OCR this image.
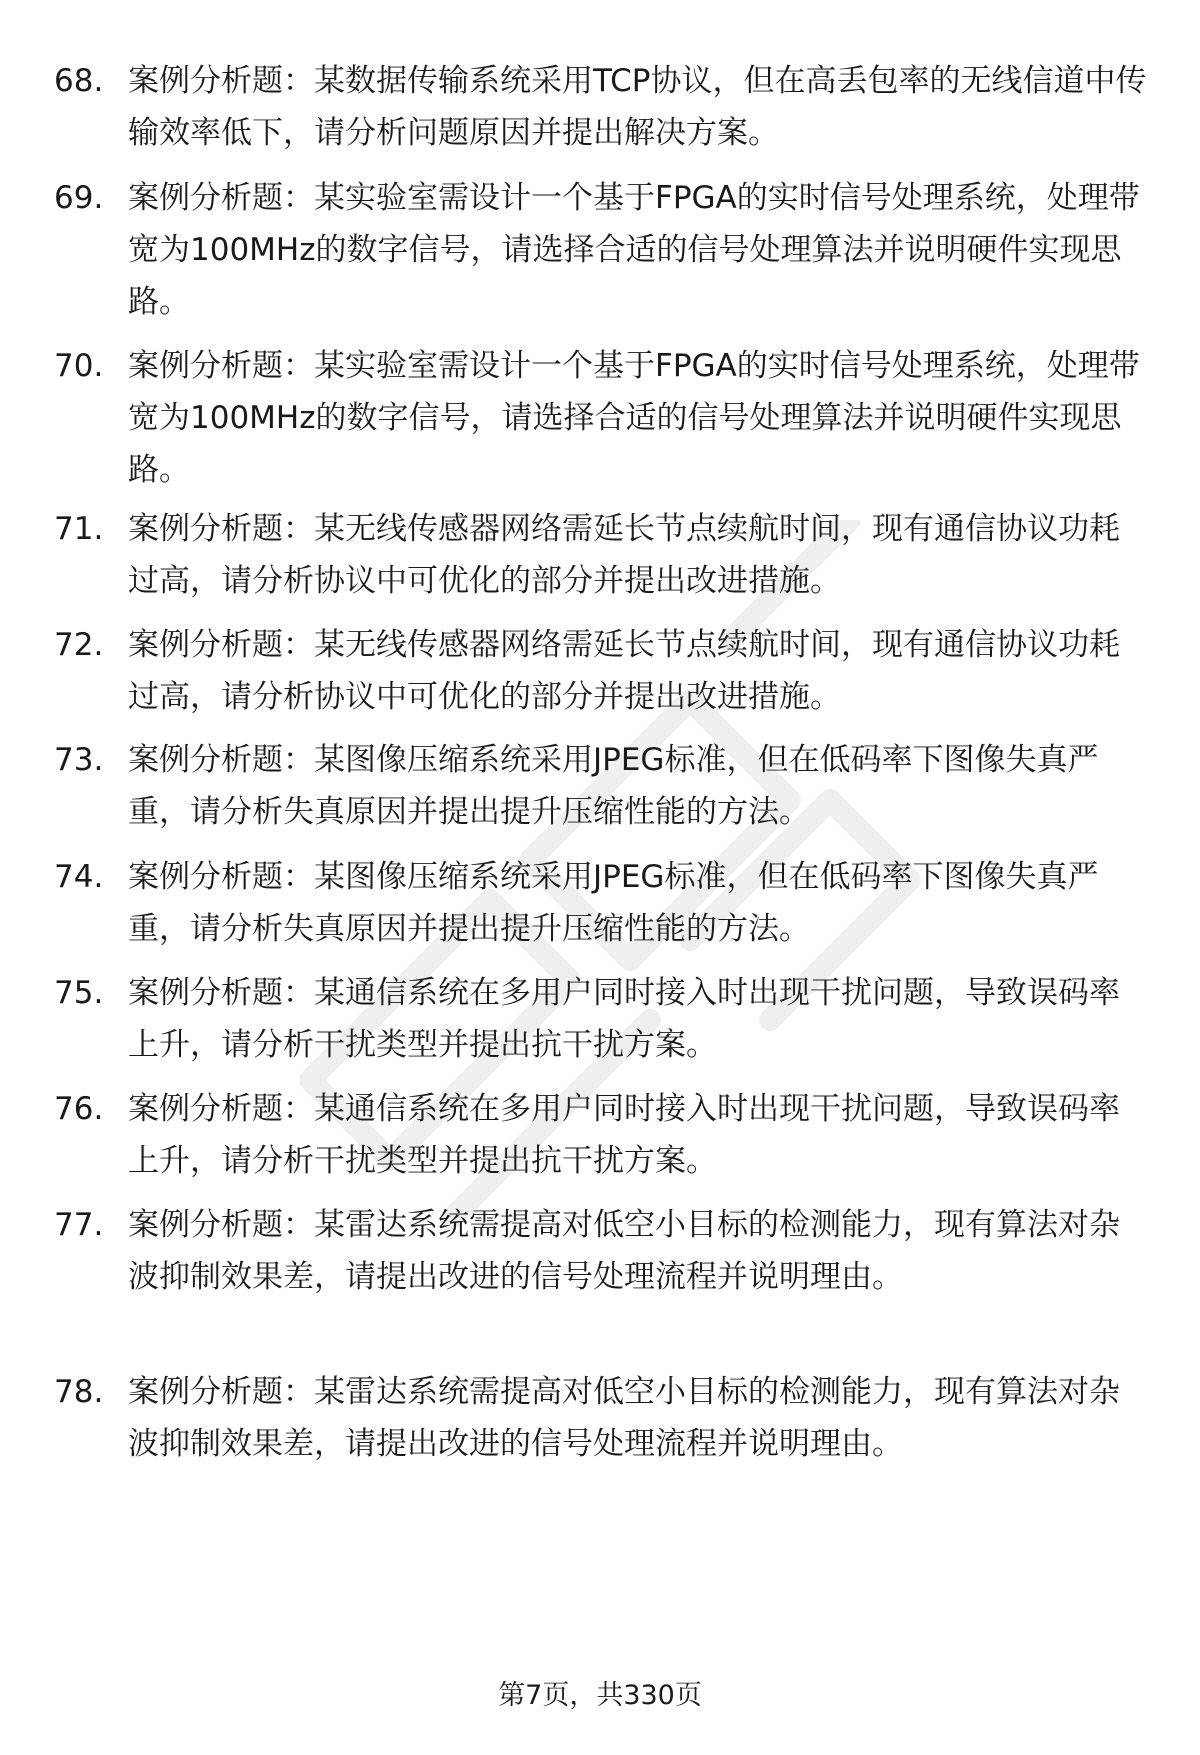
68. 案例分析题：某数据传输系统采用TCP协议，但在高丢包率的无线信道中传输效率低下，请分析问题原因并提出解决方案。
69. 案例分析题：某实验室需设计一个基于FPGA的实时信号处理系统，处理带宽为100MHz的数字信号，请选择合适的信号处理算法并说明硬件实现思路。
70. 案例分析题：某实验室需设计一个基于FPGA的实时信号处理系统，处理带宽为100MHz的数字信号，请选择合适的信号处理算法并说明硬件实现思路。
71. 案例分析题：某无线传感器网络需延长节点续航时间，现有通信协议功耗过高，请分析协议中可优化的部分并提出改进措施。
72. 案例分析题：某无线传感器网络需延长节点续航时间，现有通信协议功耗过高，请分析协议中可优化的部分并提出改进措施。
73. 案例分析题：某图像压缩系统采用JPEG标准，但在低码率下图像失真严重，请分析失真原因并提出提升压缩性能的方法。
74. 案例分析题：某图像压缩系统采用JPEG标准，但在低码率下图像失真严重，请分析失真原因并提出提升压缩性能的方法。
75. 案例分析题：某通信系统在多用户同时接入时出现干扰问题，导致误码率上升，请分析干扰类型并提出抗干扰方案。
76. 案例分析题：某通信系统在多用户同时接入时出现干扰问题，导致误码率上升，请分析干扰类型并提出抗干扰方案。
77. 案例分析题：某雷达系统需提高对低空小目标的检测能力，现有算法对杂波抑制效果差，请提出改进的信号处理流程并说明理由。
78. 案例分析题：某雷达系统需提高对低空小目标的检测能力，现有算法对杂波抑制效果差，请提出改进的信号处理流程并说明理由。
第7页，共330页
